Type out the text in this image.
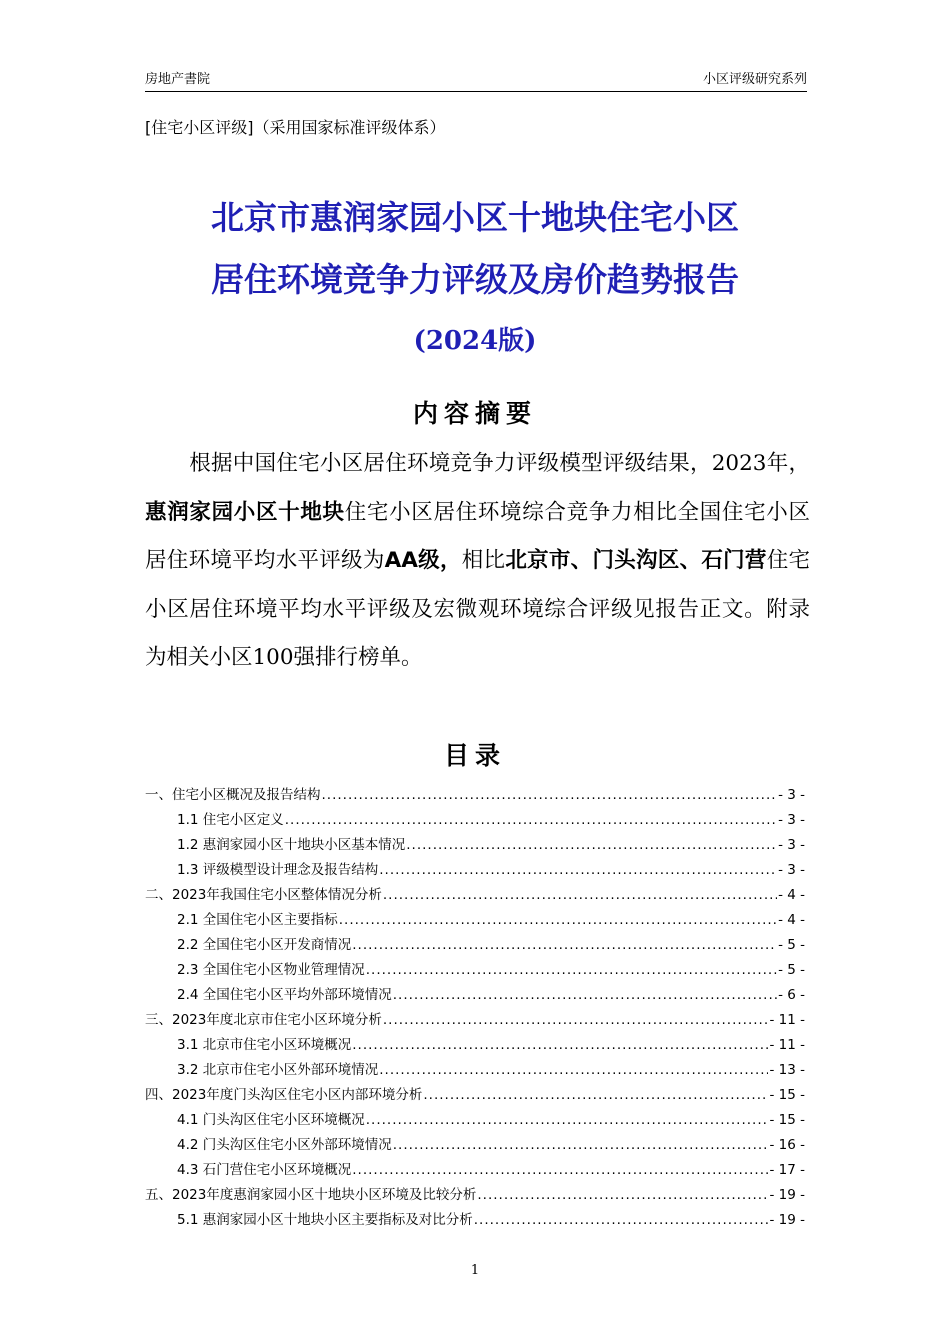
房地产書院	小区评级研究系列
[住宅小区评级]（采用国家标准评级体系）
北京市惠润家园小区十地块住宅小区
居住环境竞争力评级及房价趋势报告
(2024版)
内容摘要
根据中国住宅小区居住环境竞争力评级模型评级结果，2023年，惠润家园小区十地块住宅小区居住环境综合竞争力相比全国住宅小区居住环境平均水平评级为AA级，相比北京市、门头沟区、石门营住宅小区居住环境平均水平评级及宏微观环境综合评级见报告正文。附录为相关小区100强排行榜单。
目录
一、住宅小区概况及报告结构 .....	- 3 -
1.1 住宅小区定义 .....	- 3 -
1.2 惠润家园小区十地块小区基本情况 .....	- 3 -
1.3 评级模型设计理念及报告结构 .....	- 3 -
二、2023年我国住宅小区整体情况分析 .....	- 4 -
2.1 全国住宅小区主要指标 .....	- 4 -
2.2 全国住宅小区开发商情况 .....	- 5 -
2.3 全国住宅小区物业管理情况 .....	- 5 -
2.4 全国住宅小区平均外部环境情况 .....	- 6 -
三、2023年度北京市住宅小区环境分析 .....	- 11 -
3.1 北京市住宅小区环境概况 .....	- 11 -
3.2 北京市住宅小区外部环境情况 .....	- 13 -
四、2023年度门头沟区住宅小区内部环境分析 .....	- 15 -
4.1 门头沟区住宅小区环境概况 .....	- 15 -
4.2 门头沟区住宅小区外部环境情况 .....	- 16 -
4.3 石门营住宅小区环境概况 .....	- 17 -
五、2023年度惠润家园小区十地块小区环境及比较分析 .....	- 19 -
5.1 惠润家园小区十地块小区主要指标及对比分析 .....	- 19 -
1
